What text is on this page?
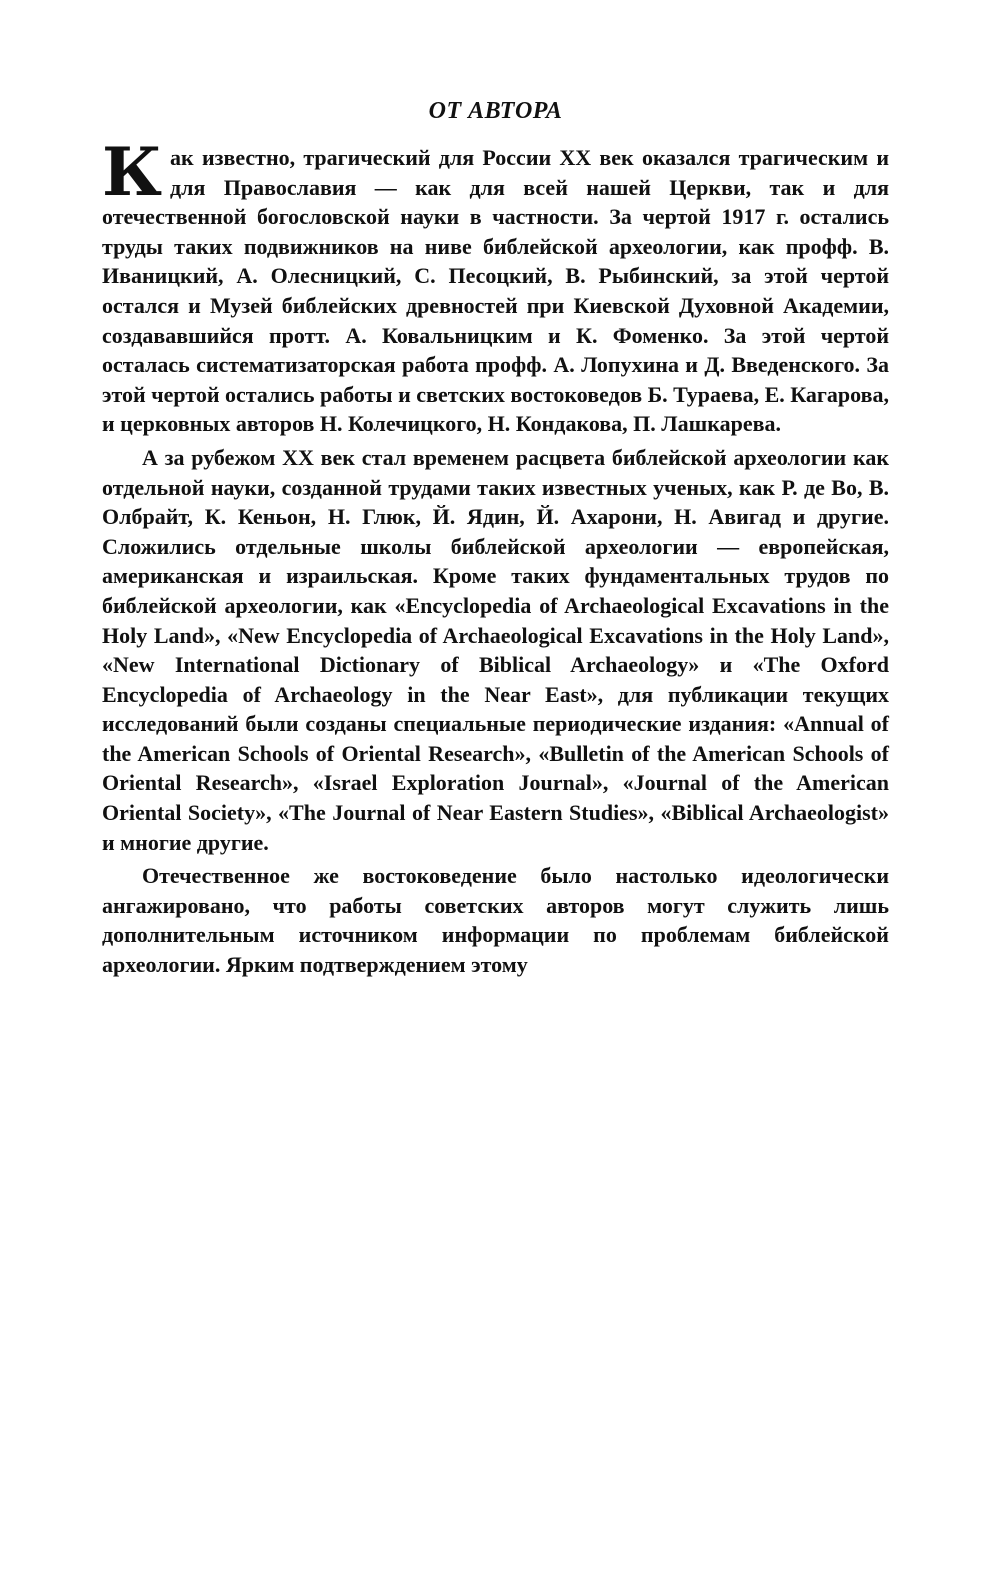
ОТ АВТОРА

Как известно, трагический для России XX век оказался трагическим и для Православия — как для всей нашей Церкви, так и для отечественной богословской науки в частности. За чертой 1917 г. остались труды таких подвижников на ниве библейской археологии, как профф. В. Иваницкий, А. Олесницкий, С. Песоцкий, В. Рыбинский, за этой чертой остался и Музей библейских древностей при Киевской Духовной Академии, создававшийся протт. А. Ковальницким и К. Фоменко. За этой чертой осталась систематизаторская работа профф. А. Лопухина и Д. Введенского. За этой чертой остались работы и светских востоковедов Б. Тураева, Е. Кагарова, и церковных авторов Н. Колечицкого, Н. Кондакова, П. Лашкарева.

А за рубежом XX век стал временем расцвета библейской археологии как отдельной науки, созданной трудами таких известных ученых, как Р. де Во, В. Олбрайт, К. Кеньон, Н. Глюк, Й. Ядин, Й. Ахарони, Н. Авигад и другие. Сложились отдельные школы библейской археологии — европейская, американская и израильская. Кроме таких фундаментальных трудов по библейской археологии, как «Encyclopedia of Archaeological Excavations in the Holy Land», «New Encyclopedia of Archaeological Excavations in the Holy Land», «New International Dictionary of Biblical Archaeology» и «The Oxford Encyclopedia of Archaeology in the Near East», для публикации текущих исследований были созданы специальные периодические издания: «Annual of the American Schools of Oriental Research», «Bulletin of the American Schools of Oriental Research», «Israel Exploration Journal», «Journal of the American Oriental Society», «The Journal of Near Eastern Studies», «Biblical Archaeologist» и многие другие.

Отечественное же востоковедение было настолько идеологически ангажировано, что работы советских авторов могут служить лишь дополнительным источником информации по проблемам библейской археологии. Ярким подтверждением этому
